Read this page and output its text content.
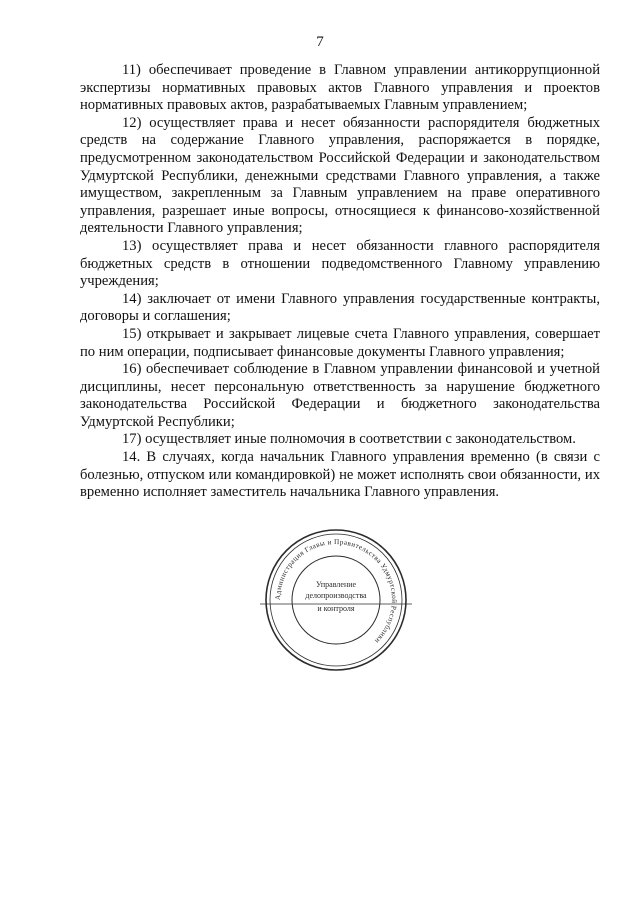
7

11) обеспечивает проведение в Главном управлении антикоррупционной экспертизы нормативных правовых актов Главного управления и проектов нормативных правовых актов, разрабатываемых Главным управлением;

12) осуществляет права и несет обязанности распорядителя бюджетных средств на содержание Главного управления, распоряжается в порядке, предусмотренном законодательством Российской Федерации и законодательством Удмуртской Республики, денежными средствами Главного управления, а также имуществом, закрепленным за Главным управлением на праве оперативного управления, разрешает иные вопросы, относящиеся к финансово-хозяйственной деятельности Главного управления;

13) осуществляет права и несет обязанности главного распорядителя бюджетных средств в отношении подведомственного Главному управлению учреждения;

14) заключает от имени Главного управления государственные контракты, договоры и соглашения;

15) открывает и закрывает лицевые счета Главного управления, совершает по ним операции, подписывает финансовые документы Главного управления;

16) обеспечивает соблюдение в Главном управлении финансовой и учетной дисциплины, несет персональную ответственность за нарушение бюджетного законодательства Российской Федерации и бюджетного законодательства Удмуртской Республики;

17) осуществляет иные полномочия в соответствии с законодательством.

14. В случаях, когда начальник Главного управления временно (в связи с болезнью, отпуском или командировкой) не может исполнять свои обязанности, их временно исполняет заместитель начальника Главного управления.

Администрация Главы и Правительства Удмуртской Республики
Управление
делопроизводства
и контроля
